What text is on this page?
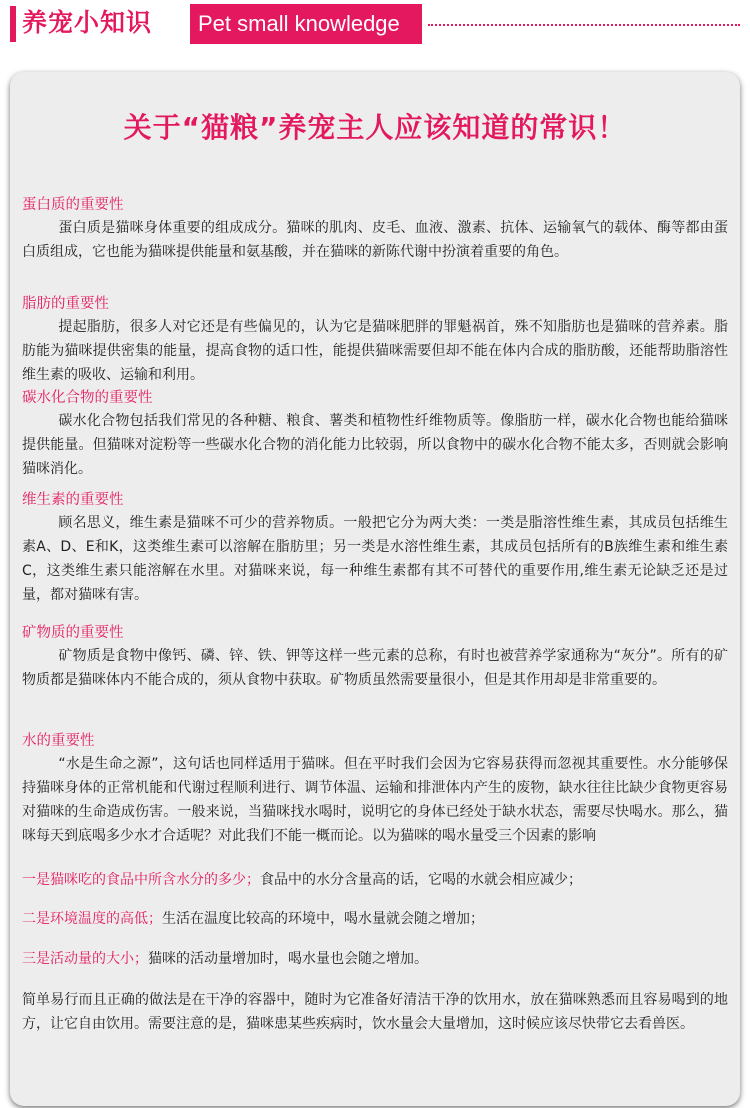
养宠小知识 Pet small knowledge
关于“猫粮”养宠主人应该知道的常识！

蛋白质的重要性

蛋白质是猫咪身体重要的组成成分。猫咪的肌肉、皮毛、血液、激素、抗体、运输氧气的载体、酶等都由蛋白质组成，它也能为猫咪提供能量和氨基酸，并在猫咪的新陈代谢中扮演着重要的角色。

脂肪的重要性

提起脂肪，很多人对它还是有些偏见的，认为它是猫咪肥胖的罪魁祸首，殊不知脂肪也是猫咪的营养素。脂肪能为猫咪提供密集的能量，提高食物的适口性，能提供猫咪需要但却不能在体内合成的脂肪酸，还能帮助脂溶性维生素的吸收、运输和利用。

碳水化合物的重要性

碳水化合物包括我们常见的各种糖、粮食、薯类和植物性纤维物质等。像脂肪一样，碳水化合物也能给猫咪提供能量。但猫咪对淀粉等一些碳水化合物的消化能力比较弱，所以食物中的碳水化合物不能太多，否则就会影响猫咪消化。

维生素的重要性

顾名思义，维生素是猫咪不可少的营养物质。一般把它分为两大类：一类是脂溶性维生素，其成员包括维生素A、D、E和K，这类维生素可以溶解在脂肪里；另一类是水溶性维生素，其成员包括所有的B族维生素和维生素C，这类维生素只能溶解在水里。对猫咪来说，每一种维生素都有其不可替代的重要作用,维生素无论缺乏还是过量，都对猫咪有害。

矿物质的重要性

矿物质是食物中像钙、磷、锌、铁、钾等这样一些元素的总称，有时也被营养学家通称为“灰分”。所有的矿物质都是猫咪体内不能合成的，须从食物中获取。矿物质虽然需要量很小，但是其作用却是非常重要的。

水的重要性

“水是生命之源”，这句话也同样适用于猫咪。但在平时我们会因为它容易获得而忽视其重要性。水分能够保持猫咪身体的正常机能和代谢过程顺利进行、调节体温、运输和排泄体内产生的废物，缺水往往比缺少食物更容易对猫咪的生命造成伤害。一般来说，当猫咪找水喝时，说明它的身体已经处于缺水状态，需要尽快喝水。那么，猫咪每天到底喝多少水才合适呢？对此我们不能一概而论。以为猫咪的喝水量受三个因素的影响

一是猫咪吃的食品中所含水分的多少；食品中的水分含量高的话，它喝的水就会相应减少；
二是环境温度的高低；生活在温度比较高的环境中，喝水量就会随之增加；
三是活动量的大小；猫咪的活动量增加时，喝水量也会随之增加。

简单易行而且正确的做法是在干净的容器中，随时为它准备好清洁干净的饮用水，放在猫咪熟悉而且容易喝到的地方，让它自由饮用。需要注意的是，猫咪患某些疾病时，饮水量会大量增加，这时候应该尽快带它去看兽医。
